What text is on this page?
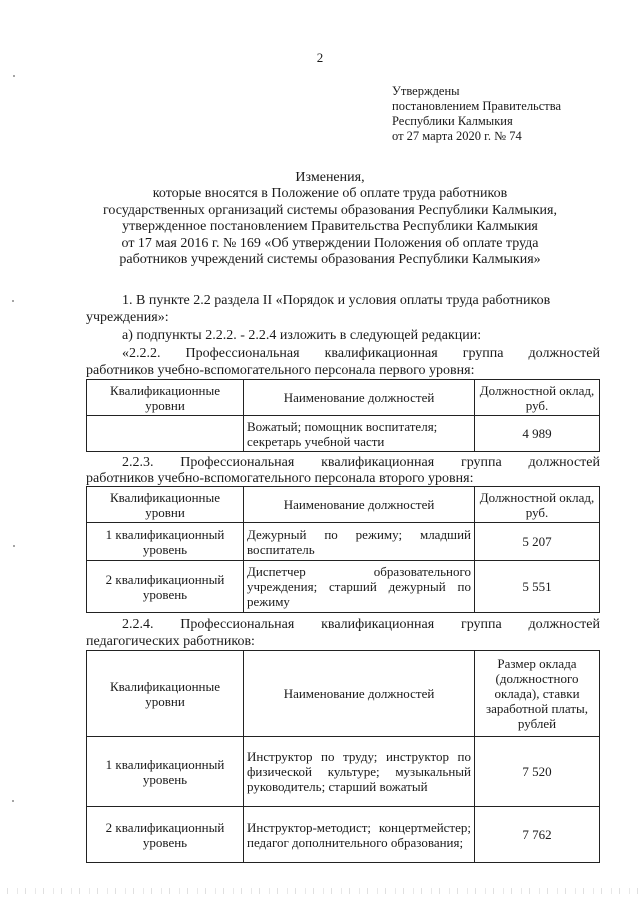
2
Утверждены
постановлением Правительства
Республики Калмыкия
от 27 марта 2020 г. № 74
Изменения,
которые вносятся в Положение об оплате труда работников
государственных организаций системы образования Республики Калмыкия,
утвержденное постановлением Правительства Республики Калмыкия
от 17 мая 2016 г. № 169 «Об утверждении Положения об оплате труда
работников учреждений системы образования Республики Калмыкия»
1. В пункте 2.2 раздела II «Порядок и условия оплаты труда работников
учреждения»:
а) подпункты 2.2.2. - 2.2.4 изложить в следующей редакции:
«2.2.2. Профессиональная квалификационная группа должностей
работников учебно-вспомогательного персонала первого уровня:
Квалификационные уровни	Наименование должностей	Должностной оклад, руб.
	Вожатый; помощник воспитателя; секретарь учебной части	4 989
2.2.3. Профессиональная квалификационная группа должностей
работников учебно-вспомогательного персонала второго уровня:
Квалификационные уровни	Наименование должностей	Должностной оклад, руб.
1 квалификационный уровень	Дежурный по режиму; младший воспитатель	5 207
2 квалификационный уровень	Диспетчер образовательного учреждения; старший дежурный по режиму	5 551
2.2.4. Профессиональная квалификационная группа должностей
педагогических работников:
Квалификационные уровни	Наименование должностей	Размер оклада (должностного оклада), ставки заработной платы, рублей
1 квалификационный уровень	Инструктор по труду; инструктор по физической культуре; музыкальный руководитель; старший вожатый	7 520
2 квалификационный уровень	Инструктор-методист; концертмейстер; педагог дополнительного образования;	7 762
